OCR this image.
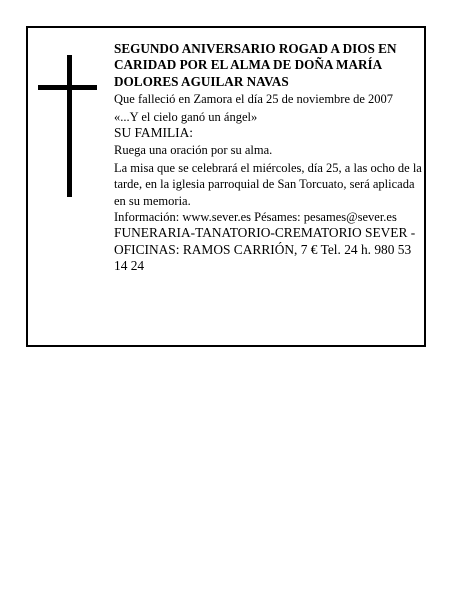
SEGUNDO ANIVERSARIO ROGAD A DIOS EN CARIDAD POR EL ALMA DE DOÑA MARÍA DOLORES AGUILAR NAVAS

Que falleció en Zamora el día 25 de noviembre de 2007

«...Y el cielo ganó un ángel»

SU FAMILIA:

Ruega una oración por su alma.

La misa que se celebrará el miércoles, día 25, a las ocho de la tarde, en la iglesia parroquial de San Torcuato, será aplicada en su memoria.

Información: www.sever.es Pésames: pesames@sever.es

FUNERARIA-TANATORIO-CREMATORIO SEVER - OFICINAS: RAMOS CARRIÓN, 7 € Tel. 24 h. 980 53 14 24
